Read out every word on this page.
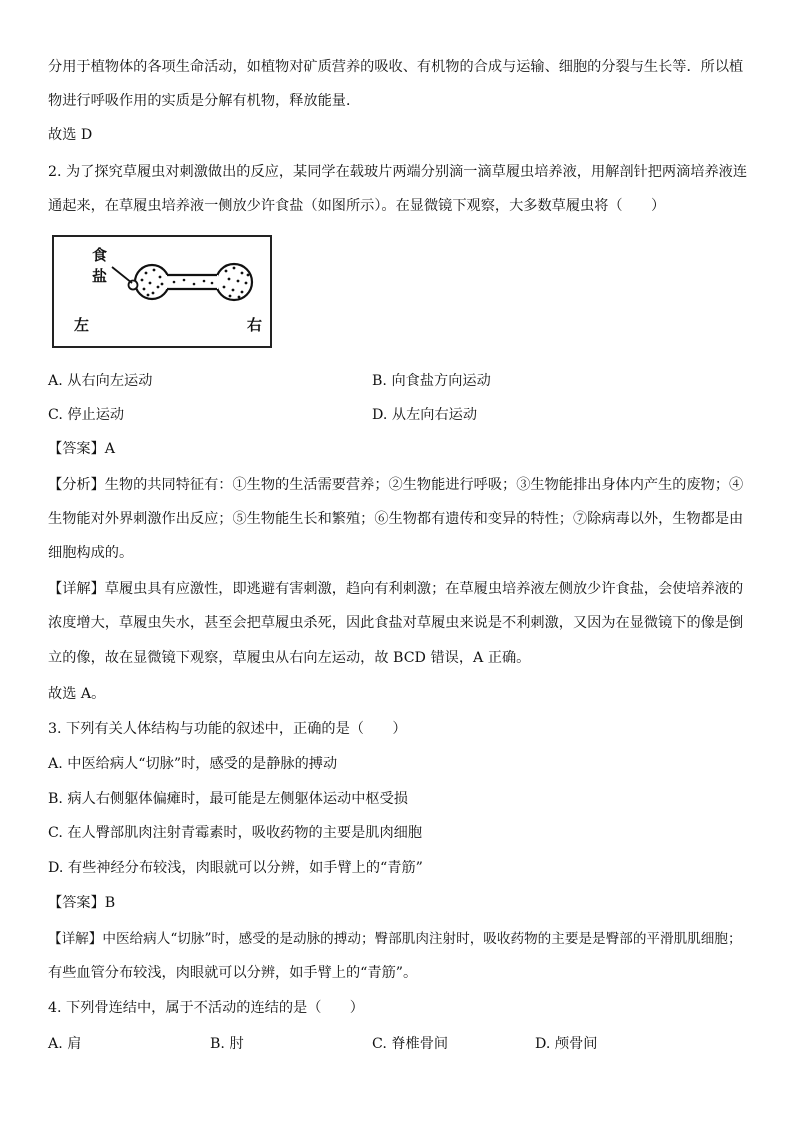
分用于植物体的各项生命活动，如植物对矿质营养的吸收、有机物的合成与运输、细胞的分裂与生长等．所以植
物进行呼吸作用的实质是分解有机物，释放能量．
故选 D
2. 为了探究草履虫对刺激做出的反应，某同学在载玻片两端分别滴一滴草履虫培养液，用解剖针把两滴培养液连
通起来，在草履虫培养液一侧放少许食盐（如图所示）。在显微镜下观察，大多数草履虫将（　　）
食
盐
左	右
A. 从右向左运动	B. 向食盐方向运动
C. 停止运动	D. 从左向右运动
【答案】A
【分析】生物的共同特征有：①生物的生活需要营养；②生物能进行呼吸；③生物能排出身体内产生的废物；④
生物能对外界刺激作出反应；⑤生物能生长和繁殖；⑥生物都有遗传和变异的特性；⑦除病毒以外，生物都是由
细胞构成的。
【详解】草履虫具有应激性，即逃避有害刺激，趋向有利刺激；在草履虫培养液左侧放少许食盐，会使培养液的
浓度增大，草履虫失水，甚至会把草履虫杀死，因此食盐对草履虫来说是不利刺激，又因为在显微镜下的像是倒
立的像，故在显微镜下观察，草履虫从右向左运动，故 BCD 错误，A 正确。
故选 A。
3. 下列有关人体结构与功能的叙述中，正确的是（　　）
A. 中医给病人“切脉”时，感受的是静脉的搏动
B. 病人右侧躯体偏瘫时，最可能是左侧躯体运动中枢受损
C. 在人臀部肌肉注射青霉素时，吸收药物的主要是肌肉细胞
D. 有些神经分布较浅，肉眼就可以分辨，如手臂上的“青筋”
【答案】B
【详解】中医给病人“切脉”时，感受的是动脉的搏动；臀部肌肉注射时，吸收药物的主要是是臀部的平滑肌肌细胞；
有些血管分布较浅，肉眼就可以分辨，如手臂上的“青筋”。
4. 下列骨连结中，属于不活动的连结的是（　　）
A. 肩	B. 肘	C. 脊椎骨间	D. 颅骨间
